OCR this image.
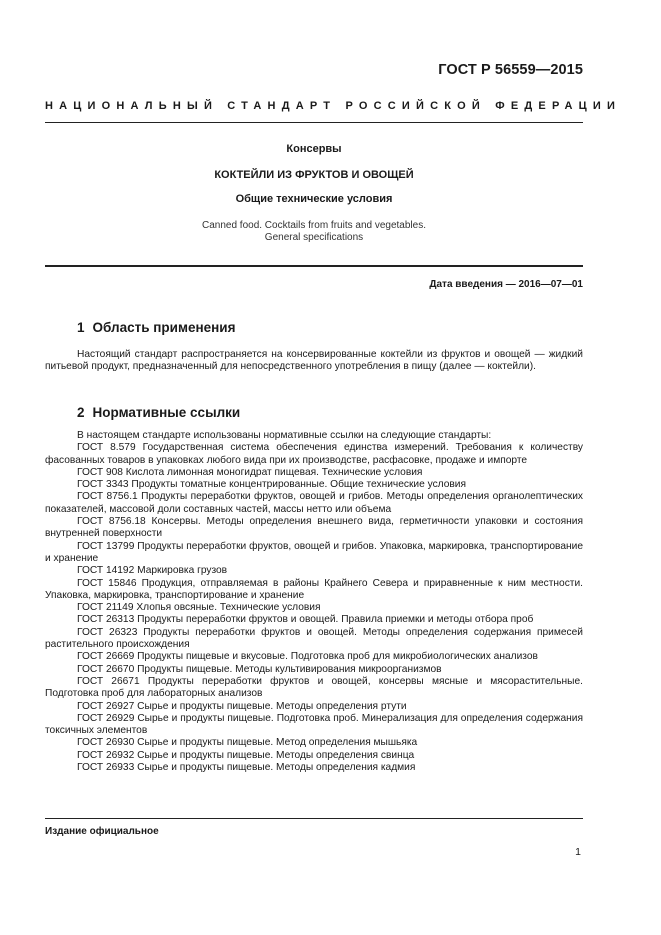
ГОСТ Р 56559—2015
НАЦИОНАЛЬНЫЙ СТАНДАРТ РОССИЙСКОЙ ФЕДЕРАЦИИ
Консервы
КОКТЕЙЛИ ИЗ ФРУКТОВ И ОВОЩЕЙ
Общие технические условия
Canned food. Cocktails from fruits and vegetables.
General specifications
Дата введения — 2016—07—01
1 Область применения
Настоящий стандарт распространяется на консервированные коктейли из фруктов и овощей — жидкий питьевой продукт, предназначенный для непосредственного употребления в пищу (далее — коктейли).
2 Нормативные ссылки

В настоящем стандарте использованы нормативные ссылки на следующие стандарты:

ГОСТ 8.579 Государственная система обеспечения единства измерений. Требования к количеству фасованных товаров в упаковках любого вида при их производстве, расфасовке, продаже и импорте

ГОСТ 908 Кислота лимонная моногидрат пищевая. Технические условия

ГОСТ 3343 Продукты томатные концентрированные. Общие технические условия

ГОСТ 8756.1 Продукты переработки фруктов, овощей и грибов. Методы определения органолептических показателей, массовой доли составных частей, массы нетто или объема

ГОСТ 8756.18 Консервы. Методы определения внешнего вида, герметичности упаковки и состояния внутренней поверхности

ГОСТ 13799 Продукты переработки фруктов, овощей и грибов. Упаковка, маркировка, транспортирование и хранение

ГОСТ 14192 Маркировка грузов

ГОСТ 15846 Продукция, отправляемая в районы Крайнего Севера и приравненные к ним местности. Упаковка, маркировка, транспортирование и хранение

ГОСТ 21149 Хлопья овсяные. Технические условия

ГОСТ 26313 Продукты переработки фруктов и овощей. Правила приемки и методы отбора проб

ГОСТ 26323 Продукты переработки фруктов и овощей. Методы определения содержания примесей растительного происхождения

ГОСТ 26669 Продукты пищевые и вкусовые. Подготовка проб для микробиологических анализов

ГОСТ 26670 Продукты пищевые. Методы культивирования микроорганизмов

ГОСТ 26671 Продукты переработки фруктов и овощей, консервы мясные и мясорастительные. Подготовка проб для лабораторных анализов

ГОСТ 26927 Сырье и продукты пищевые. Методы определения ртути

ГОСТ 26929 Сырье и продукты пищевые. Подготовка проб. Минерализация для определения содержания токсичных элементов

ГОСТ 26930 Сырье и продукты пищевые. Метод определения мышьяка

ГОСТ 26932 Сырье и продукты пищевые. Методы определения свинца

ГОСТ 26933 Сырье и продукты пищевые. Методы определения кадмия

Издание официальное
1
